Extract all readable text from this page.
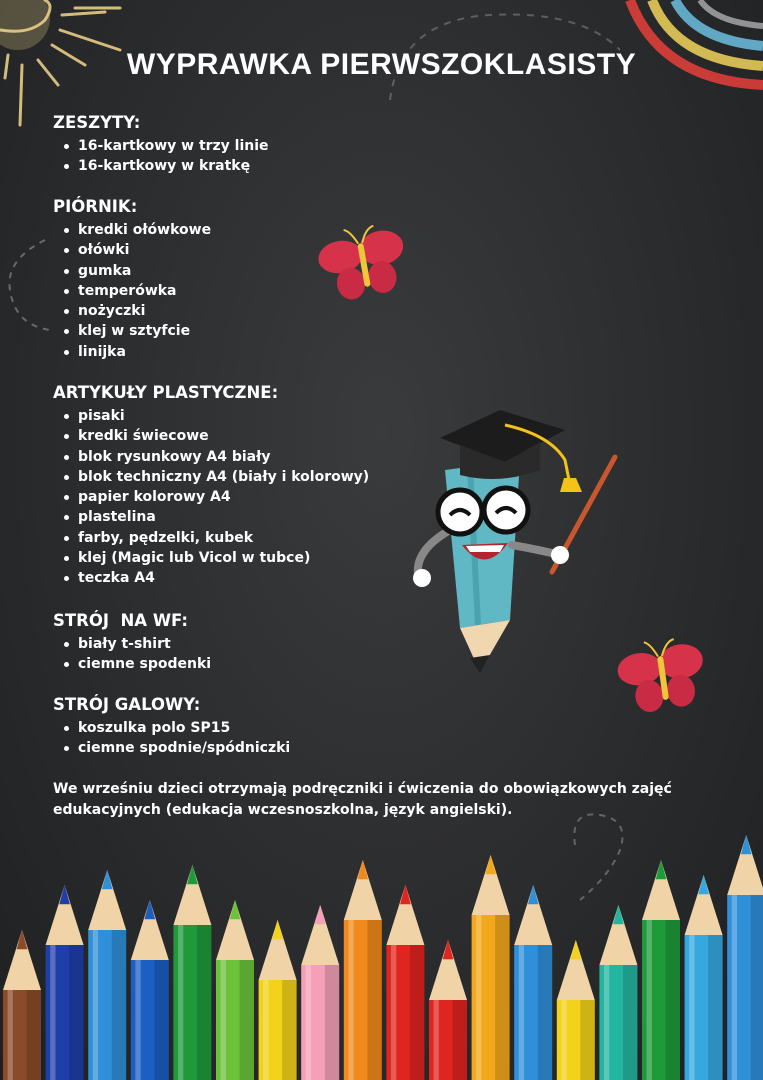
WYPRAWKA PIERWSZOKLASISTY
ZESZYTY:
16-kartkowy w trzy linie
16-kartkowy w kratkę
PIÓRNIK:
kredki ołówkowe
ołówki
gumka
temperówka
nożyczki
klej w sztyfcie
linijka
ARTYKUŁY PLASTYCZNE:
pisaki
kredki świecowe
blok rysunkowy A4 biały
blok techniczny A4 (biały i kolorowy)
papier kolorowy A4
plastelina
farby, pędzelki, kubek
klej (Magic lub Vicol w tubce)
teczka A4
STRÓJ  NA WF:
biały t-shirt
ciemne spodenki
STRÓJ GALOWY:
koszulka polo SP15
ciemne spodnie/spódniczki
We wrześniu dzieci otrzymają podręczniki i ćwiczenia do obowiązkowych zajęć edukacyjnych (edukacja wczesnoszkolna, język angielski).
